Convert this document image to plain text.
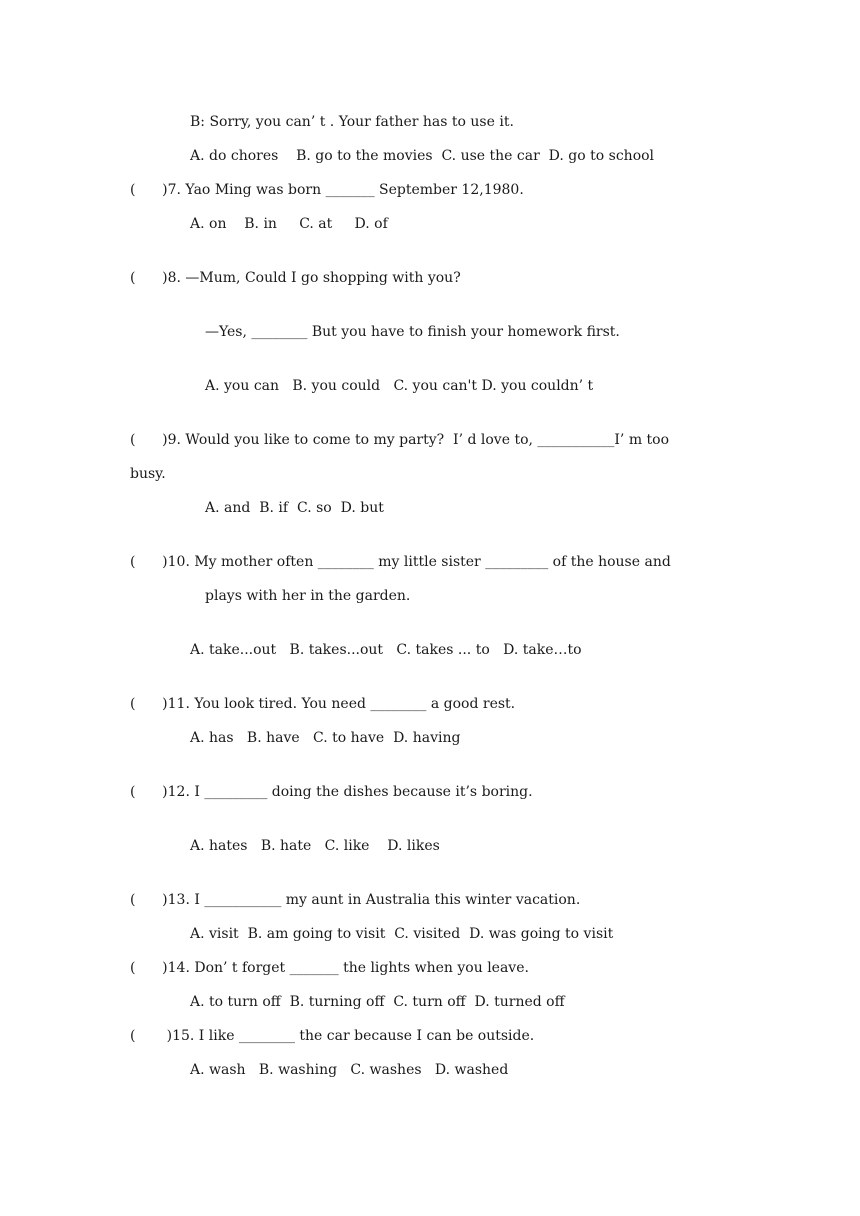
B: Sorry, you can’ t . Your father has to use it.
A. do chores    B. go to the movies  C. use the car  D. go to school
(      )7. Yao Ming was born _______ September 12,1980.
A. on    B. in     C. at     D. of
(      )8. —Mum, Could I go shopping with you?
—Yes, ________ But you have to finish your homework first.
A. you can   B. you could   C. you can't D. you couldn’ t
(      )9. Would you like to come to my party?  I’ d love to, ___________I’ m too
busy.
A. and  B. if  C. so  D. but
(      )10. My mother often ________ my little sister _________ of the house and
plays with her in the garden.
A. take...out   B. takes...out   C. takes ... to   D. take…to
(      )11. You look tired. You need ________ a good rest.
A. has   B. have   C. to have  D. having
(      )12. I _________ doing the dishes because it’s boring.
A. hates   B. hate   C. like    D. likes
(      )13. I ___________ my aunt in Australia this winter vacation.
A. visit  B. am going to visit  C. visited  D. was going to visit
(      )14. Don’ t forget _______ the lights when you leave.
A. to turn off  B. turning off  C. turn off  D. turned off
(       )15. I like ________ the car because I can be outside.
A. wash   B. washing   C. washes   D. washed
